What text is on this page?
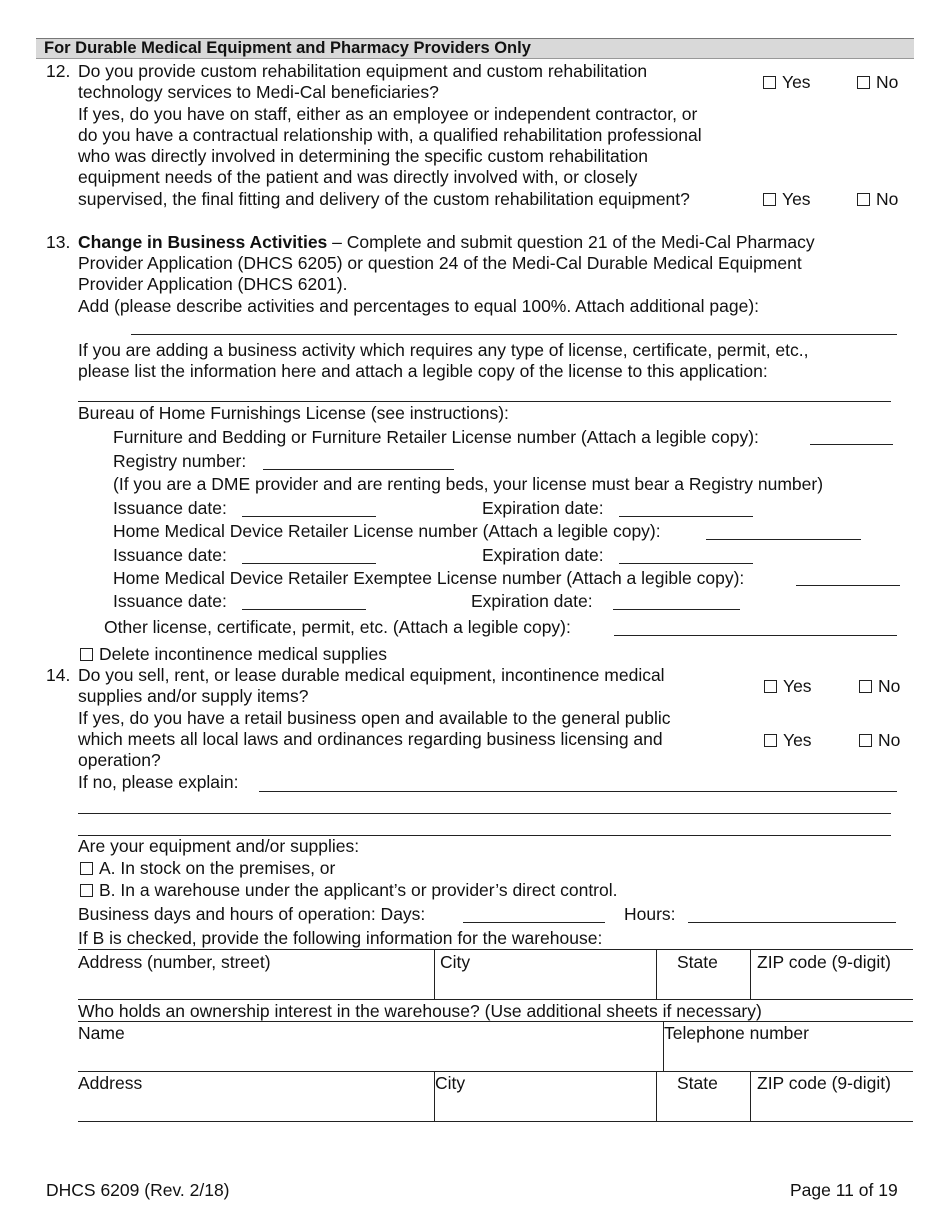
For Durable Medical Equipment and Pharmacy Providers Only
12. Do you provide custom rehabilitation equipment and custom rehabilitation
technology services to Medi-Cal beneficiaries?	Yes	No
If yes, do you have on staff, either as an employee or independent contractor, or
do you have a contractual relationship with, a qualified rehabilitation professional
who was directly involved in determining the specific custom rehabilitation
equipment needs of the patient and was directly involved with, or closely
supervised, the final fitting and delivery of the custom rehabilitation equipment?	Yes	No
13. Change in Business Activities – Complete and submit question 21 of the Medi-Cal Pharmacy
Provider Application (DHCS 6205) or question 24 of the Medi-Cal Durable Medical Equipment
Provider Application (DHCS 6201).
Add (please describe activities and percentages to equal 100%. Attach additional page):
If you are adding a business activity which requires any type of license, certificate, permit, etc.,
please list the information here and attach a legible copy of the license to this application:
Bureau of Home Furnishings License (see instructions):
Furniture and Bedding or Furniture Retailer License number (Attach a legible copy):
Registry number:
(If you are a DME provider and are renting beds, your license must bear a Registry number)
Issuance date:	Expiration date:
Home Medical Device Retailer License number (Attach a legible copy):
Issuance date:	Expiration date:
Home Medical Device Retailer Exemptee License number (Attach a legible copy):
Issuance date:	Expiration date:
Other license, certificate, permit, etc. (Attach a legible copy):
Delete incontinence medical supplies
14. Do you sell, rent, or lease durable medical equipment, incontinence medical
supplies and/or supply items?	Yes	No
If yes, do you have a retail business open and available to the general public
which meets all local laws and ordinances regarding business licensing and
operation?
Yes	No
If no, please explain:
Are your equipment and/or supplies:
A. In stock on the premises, or
B. In a warehouse under the applicant’s or provider’s direct control.
Business days and hours of operation: Days:	Hours:
If B is checked, provide the following information for the warehouse:
Address (number, street)	City	State ZIP code (9-digit)
Who holds an ownership interest in the warehouse? (Use additional sheets if necessary)
Name	Telephone number
Address	City	State ZIP code (9-digit)
DHCS 6209 (Rev. 2/18)	Page 11 of 19
